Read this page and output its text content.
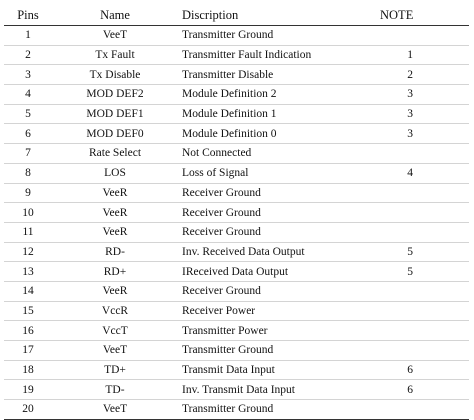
Pins	Name	Discription	NOTE
1	VeeT	Transmitter Ground	
2	Tx Fault	Transmitter Fault Indication	1
3	Tx Disable	Transmitter Disable	2
4	MOD DEF2	Module Definition 2	3
5	MOD DEF1	Module Definition 1	3
6	MOD DEF0	Module Definition 0	3
7	Rate Select	Not Connected	
8	LOS	Loss of Signal	4
9	VeeR	Receiver Ground	
10	VeeR	Receiver Ground	
11	VeeR	Receiver Ground	
12	RD-	Inv. Received Data Output	5
13	RD+	IReceived Data Output	5
14	VeeR	Receiver Ground	
15	VccR	Receiver Power	
16	VccT	Transmitter Power	
17	VeeT	Transmitter Ground	
18	TD+	Transmit Data Input	6
19	TD-	Inv. Transmit Data Input	6
20	VeeT	Transmitter Ground	
